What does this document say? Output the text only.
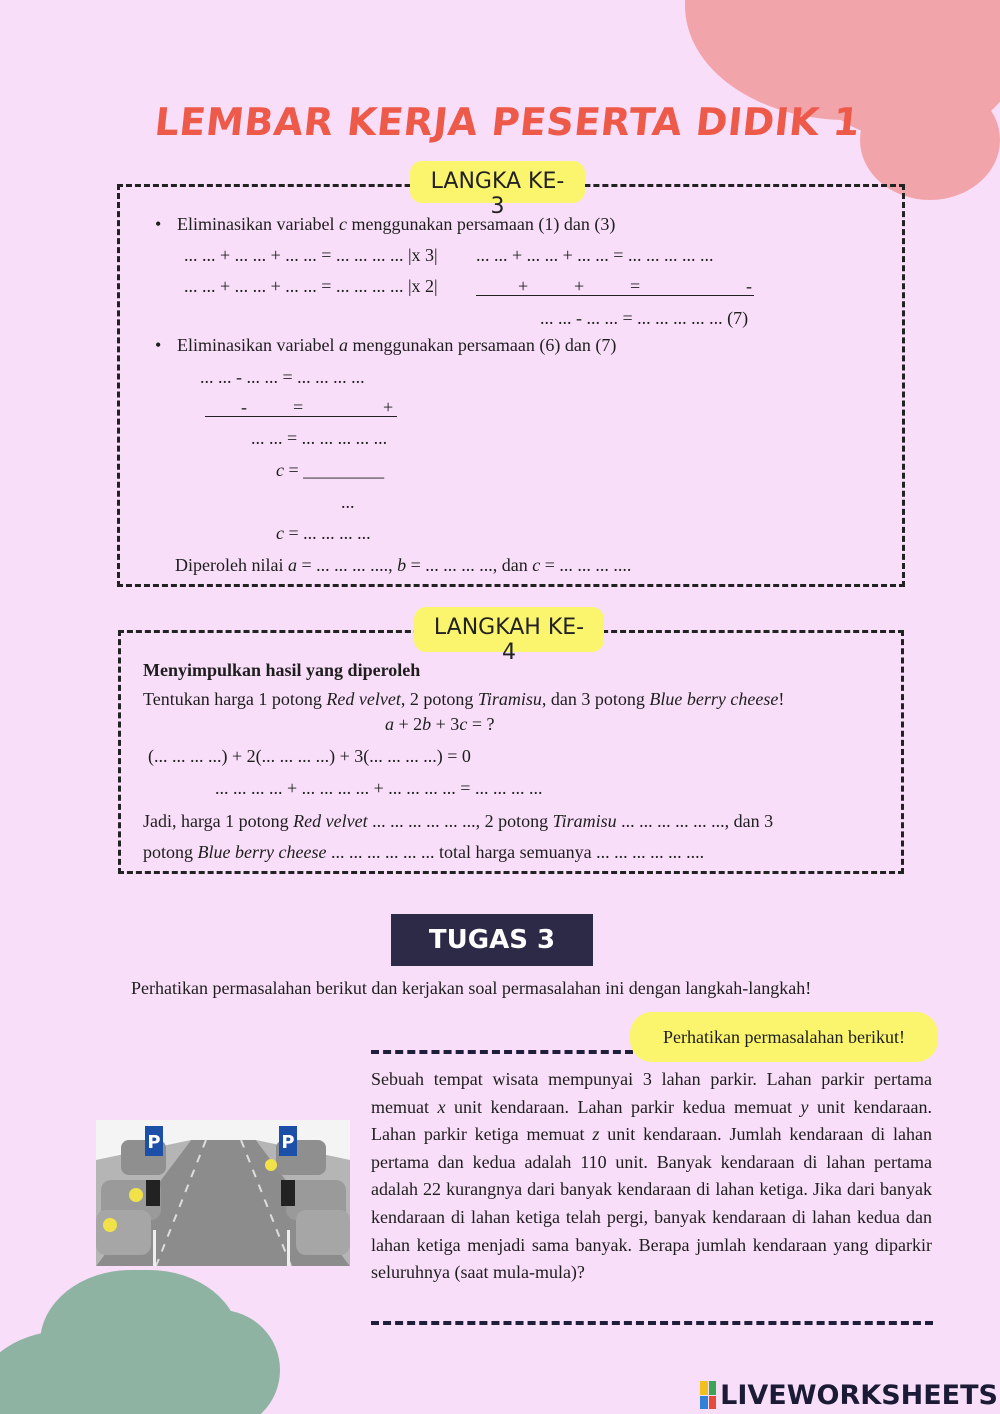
LEMBAR KERJA PESERTA DIDIK 1
LANGKA KE-3
• Eliminasikan variabel c menggunakan persamaan (1) dan (3)
... ... + ... ... + ... ... = ... ... ... ... |x 3| ... ... + ... ... + ... ... = ... ... ... ... ...
... ... + ... ... + ... ... = ... ... ... ... |x 2|	+	+	=	-
... ... - ... ... = ... ... ... ... ... (7)
• Eliminasikan variabel a menggunakan persamaan (6) dan (7)
... ... - ... ... = ... ... ... ...
-	=	+
... ... = ... ... ... ... ...
c = _________
...
c = ... ... ... ...
Diperoleh nilai a = ... ... ... ...., b = ... ... ... ..., dan c = ... ... ... ....
LANGKAH KE-4
Menyimpulkan hasil yang diperoleh
Tentukan harga 1 potong Red velvet, 2 potong Tiramisu, dan 3 potong Blue berry cheese!
a + 2b + 3c = ?
(... ... ... ...) + 2(... ... ... ...) + 3(... ... ... ...) = 0
... ... ... ... + ... ... ... ... + ... ... ... ... = ... ... ... ...
Jadi, harga 1 potong Red velvet ... ... ... ... ... ..., 2 potong Tiramisu ... ... ... ... ... ..., dan 3
potong Blue berry cheese ... ... ... ... ... ... total harga semuanya ... ... ... ... ... ....
TUGAS 3
Perhatikan permasalahan berikut dan kerjakan soal permasalahan ini dengan langkah-langkah!
Perhatikan permasalahan berikut!
Sebuah tempat wisata mempunyai 3 lahan parkir. Lahan parkir pertama memuat x unit kendaraan. Lahan parkir kedua memuat y unit kendaraan. Lahan parkir ketiga memuat z unit kendaraan. Jumlah kendaraan di lahan pertama dan kedua adalah 110 unit. Banyak kendaraan di lahan pertama adalah 22 kurangnya dari banyak kendaraan di lahan ketiga. Jika dari banyak kendaraan di lahan ketiga telah pergi, banyak kendaraan di lahan kedua dan lahan ketiga menjadi sama banyak. Berapa jumlah kendaraan yang diparkir seluruhnya (saat mula-mula)?
P	P
LIVEWORKSHEETS
